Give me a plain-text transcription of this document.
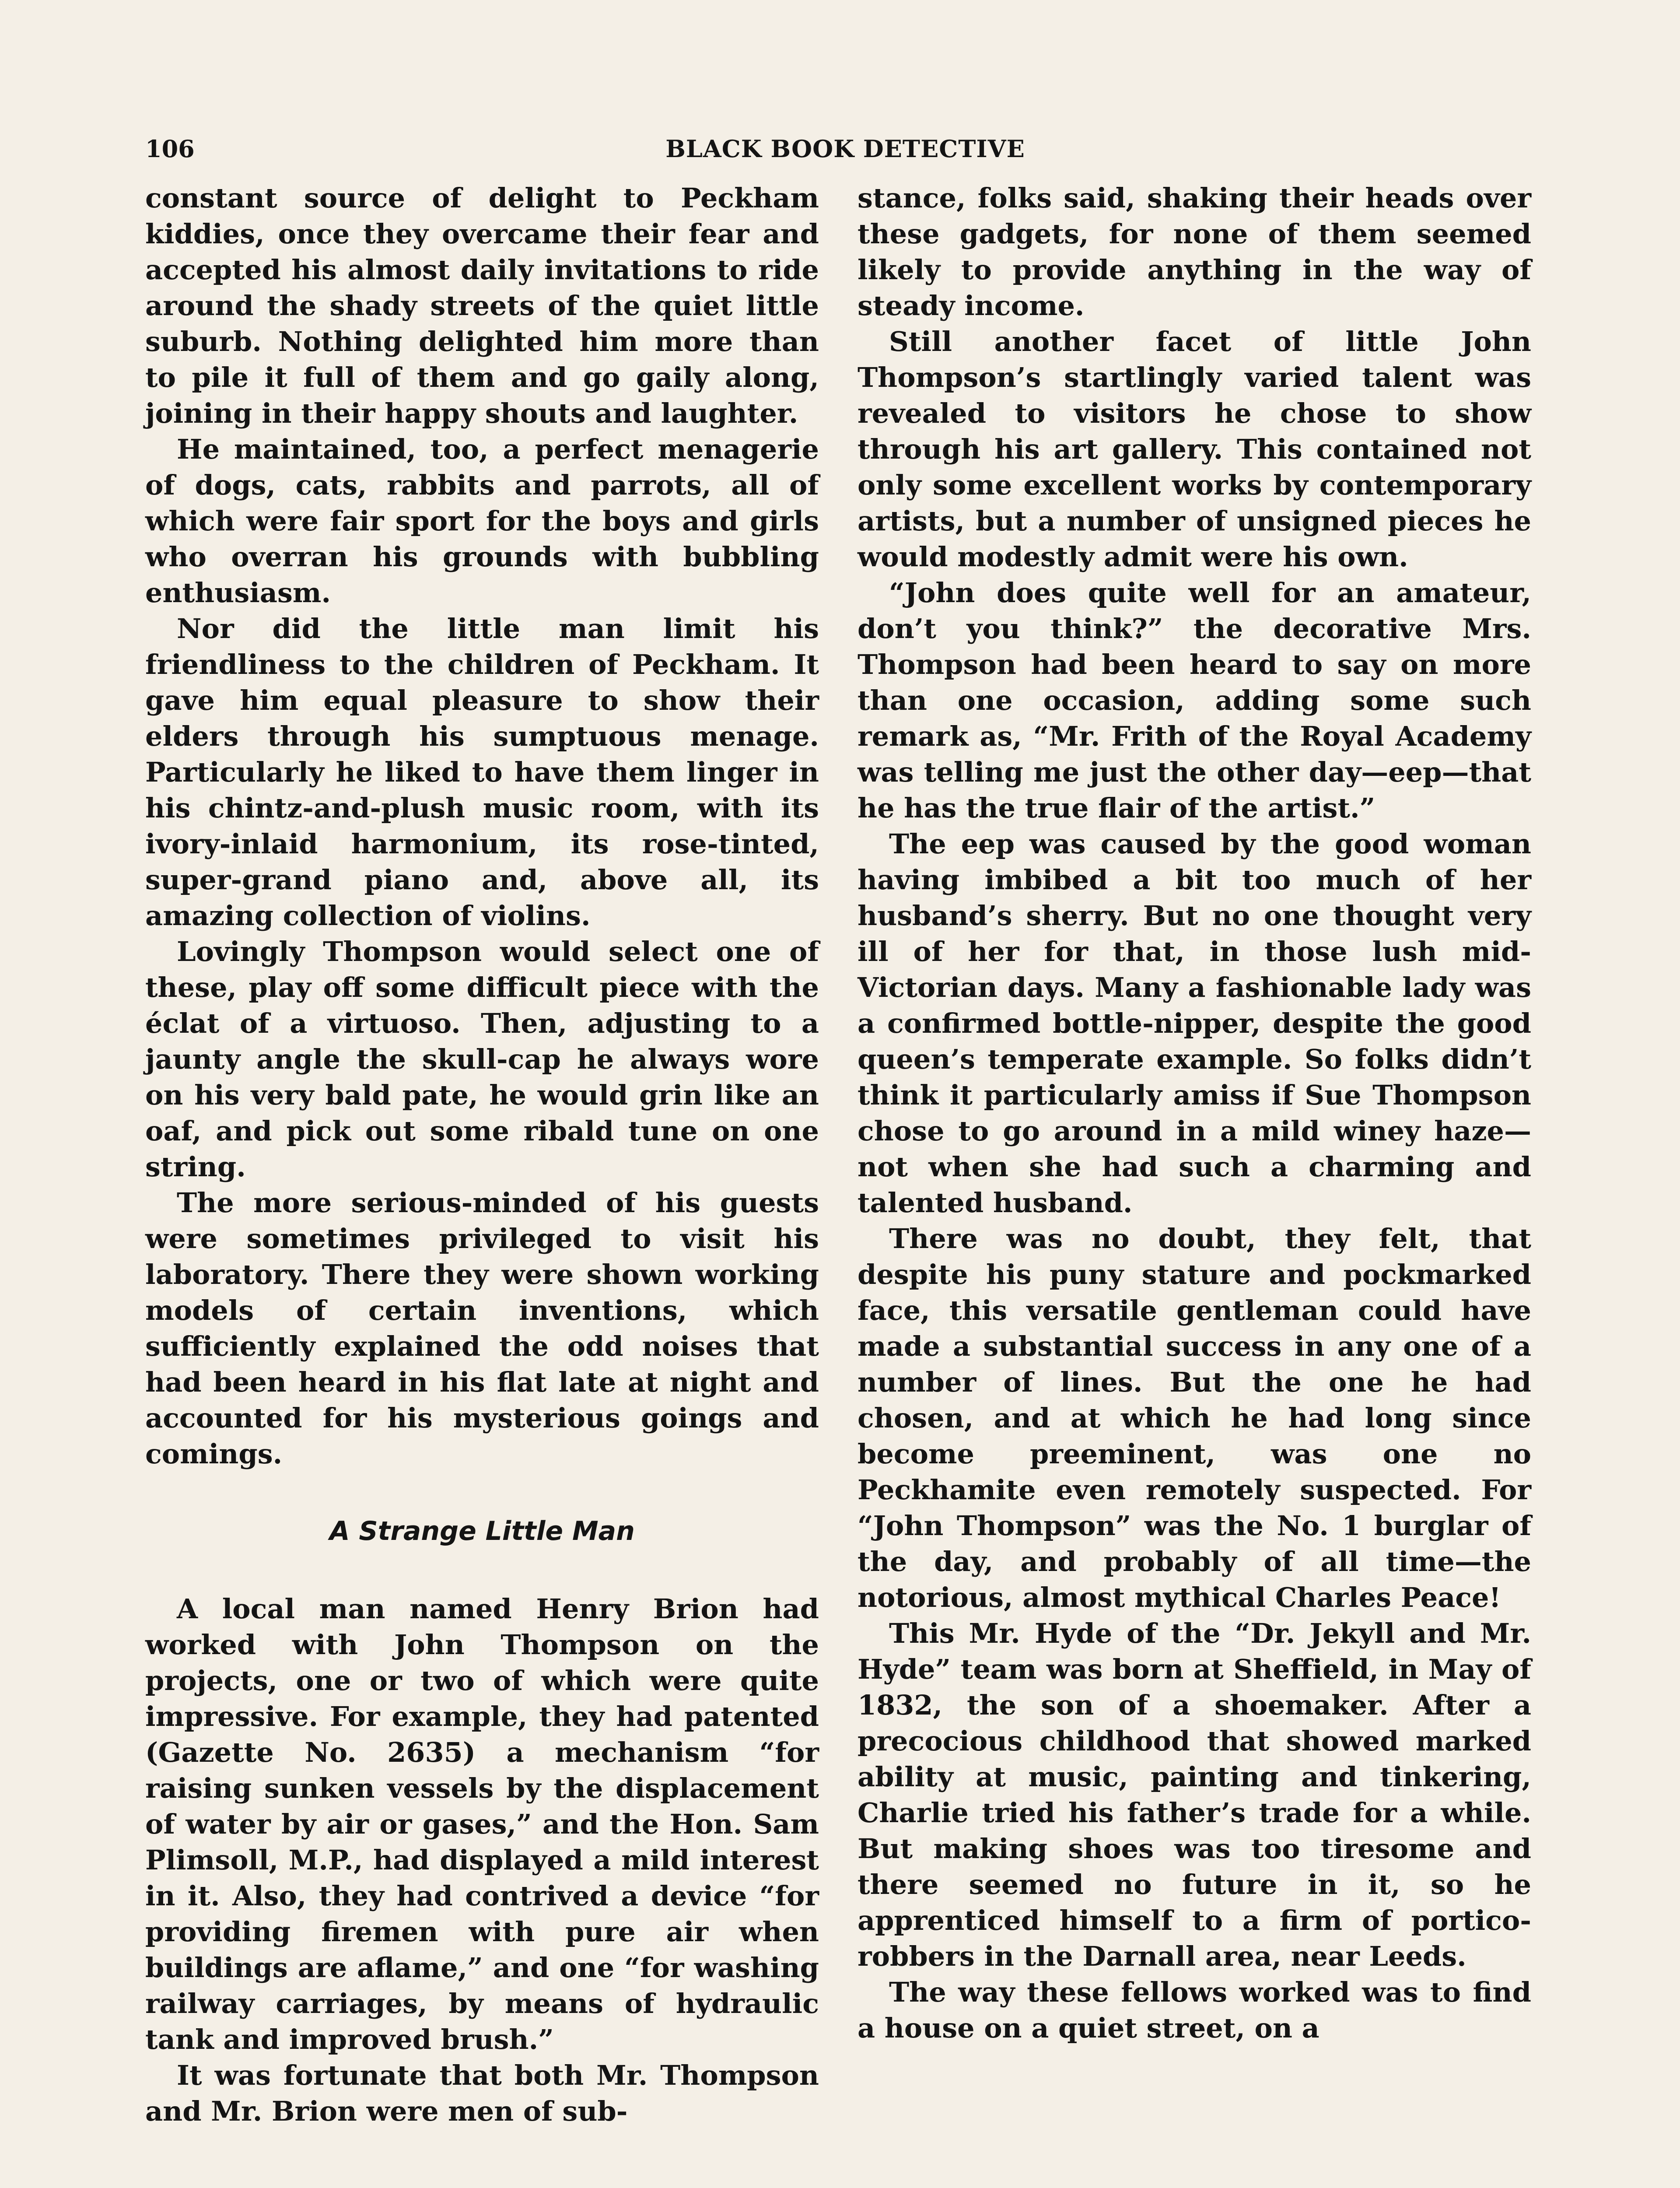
106	BLACK BOOK DETECTIVE

constant source of delight to Peckham kiddies, once they overcame their fear and accepted his almost daily invitations to ride around the shady streets of the quiet little suburb. Nothing delighted him more than to pile it full of them and go gaily along, joining in their happy shouts and laughter.

He maintained, too, a perfect menagerie of dogs, cats, rabbits and parrots, all of which were fair sport for the boys and girls who overran his grounds with bubbling enthusiasm.

Nor did the little man limit his friendliness to the children of Peckham. It gave him equal pleasure to show their elders through his sumptuous menage. Particularly he liked to have them linger in his chintz-and-plush music room, with its ivory-inlaid harmonium, its rose-tinted, super-grand piano and, above all, its amazing collection of violins.

Lovingly Thompson would select one of these, play off some difficult piece with the éclat of a virtuoso. Then, adjusting to a jaunty angle the skull-cap he always wore on his very bald pate, he would grin like an oaf, and pick out some ribald tune on one string.

The more serious-minded of his guests were sometimes privileged to visit his laboratory. There they were shown working models of certain inventions, which sufficiently explained the odd noises that had been heard in his flat late at night and accounted for his mysterious goings and comings.

A Strange Little Man

A local man named Henry Brion had worked with John Thompson on the projects, one or two of which were quite impressive. For example, they had patented (Gazette No. 2635) a mechanism “for raising sunken vessels by the displacement of water by air or gases,” and the Hon. Sam Plimsoll, M.P., had displayed a mild interest in it. Also, they had contrived a device “for providing firemen with pure air when buildings are aflame,” and one “for washing railway carriages, by means of hydraulic tank and improved brush.”

It was fortunate that both Mr. Thompson and Mr. Brion were men of sub-

stance, folks said, shaking their heads over these gadgets, for none of them seemed likely to provide anything in the way of steady income.

Still another facet of little John Thompson’s startlingly varied talent was revealed to visitors he chose to show through his art gallery. This contained not only some excellent works by contemporary artists, but a number of unsigned pieces he would modestly admit were his own.

“John does quite well for an amateur, don’t you think?” the decorative Mrs. Thompson had been heard to say on more than one occasion, adding some such remark as, “Mr. Frith of the Royal Academy was telling me just the other day—eep—that he has the true flair of the artist.”

The eep was caused by the good woman having imbibed a bit too much of her husband’s sherry. But no one thought very ill of her for that, in those lush mid-Victorian days. Many a fashionable lady was a confirmed bottle-nipper, despite the good queen’s temperate example. So folks didn’t think it particularly amiss if Sue Thompson chose to go around in a mild winey haze—not when she had such a charming and talented husband.

There was no doubt, they felt, that despite his puny stature and pockmarked face, this versatile gentleman could have made a substantial success in any one of a number of lines. But the one he had chosen, and at which he had long since become preeminent, was one no Peckhamite even remotely suspected. For “John Thompson” was the No. 1 burglar of the day, and probably of all time—the notorious, almost mythical Charles Peace!

This Mr. Hyde of the “Dr. Jekyll and Mr. Hyde” team was born at Sheffield, in May of 1832, the son of a shoemaker. After a precocious childhood that showed marked ability at music, painting and tinkering, Charlie tried his father’s trade for a while. But making shoes was too tiresome and there seemed no future in it, so he apprenticed himself to a firm of portico-robbers in the Darnall area, near Leeds.

The way these fellows worked was to find a house on a quiet street, on a
